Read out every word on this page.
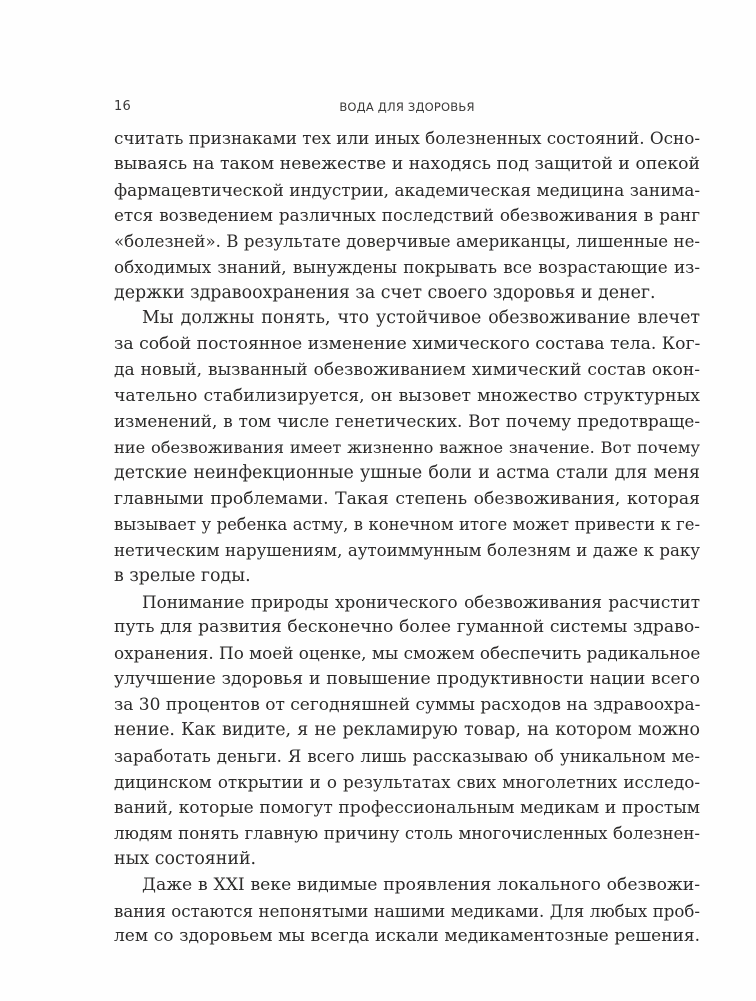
16	ВОДА ДЛЯ ЗДОРОВЬЯ

считать признаками тех или иных болезненных состояний. Осно-
вываясь на таком невежестве и находясь под защитой и опекой
фармацевтической индустрии, академическая медицина занима-
ется возведением различных последствий обезвоживания в ранг
«болезней». В результате доверчивые американцы, лишенные не-
обходимых знаний, вынуждены покрывать все возрастающие из-
держки здравоохранения за счет своего здоровья и денег.

Мы должны понять, что устойчивое обезвоживание влечет
за собой постоянное изменение химического состава тела. Ког-
да новый, вызванный обезвоживанием химический состав окон-
чательно стабилизируется, он вызовет множество структурных
изменений, в том числе генетических. Вот почему предотвраще-
ние обезвоживания имеет жизненно важное значение. Вот почему
детские неинфекционные ушные боли и астма стали для меня
главными проблемами. Такая степень обезвоживания, которая
вызывает у ребенка астму, в конечном итоге может привести к ге-
нетическим нарушениям, аутоиммунным болезням и даже к раку
в зрелые годы.

Понимание природы хронического обезвоживания расчистит
путь для развития бесконечно более гуманной системы здраво-
охранения. По моей оценке, мы сможем обеспечить радикальное
улучшение здоровья и повышение продуктивности нации всего
за 30 процентов от сегодняшней суммы расходов на здравоохра-
нение. Как видите, я не рекламирую товар, на котором можно
заработать деньги. Я всего лишь рассказываю об уникальном ме-
дицинском открытии и о результатах свих многолетних исследо-
ваний, которые помогут профессиональным медикам и простым
людям понять главную причину столь многочисленных болезнен-
ных состояний.

Даже в XXI веке видимые проявления локального обезвожи-
вания остаются непонятыми нашими медиками. Для любых проб-
лем со здоровьем мы всегда искали медикаментозные решения.
